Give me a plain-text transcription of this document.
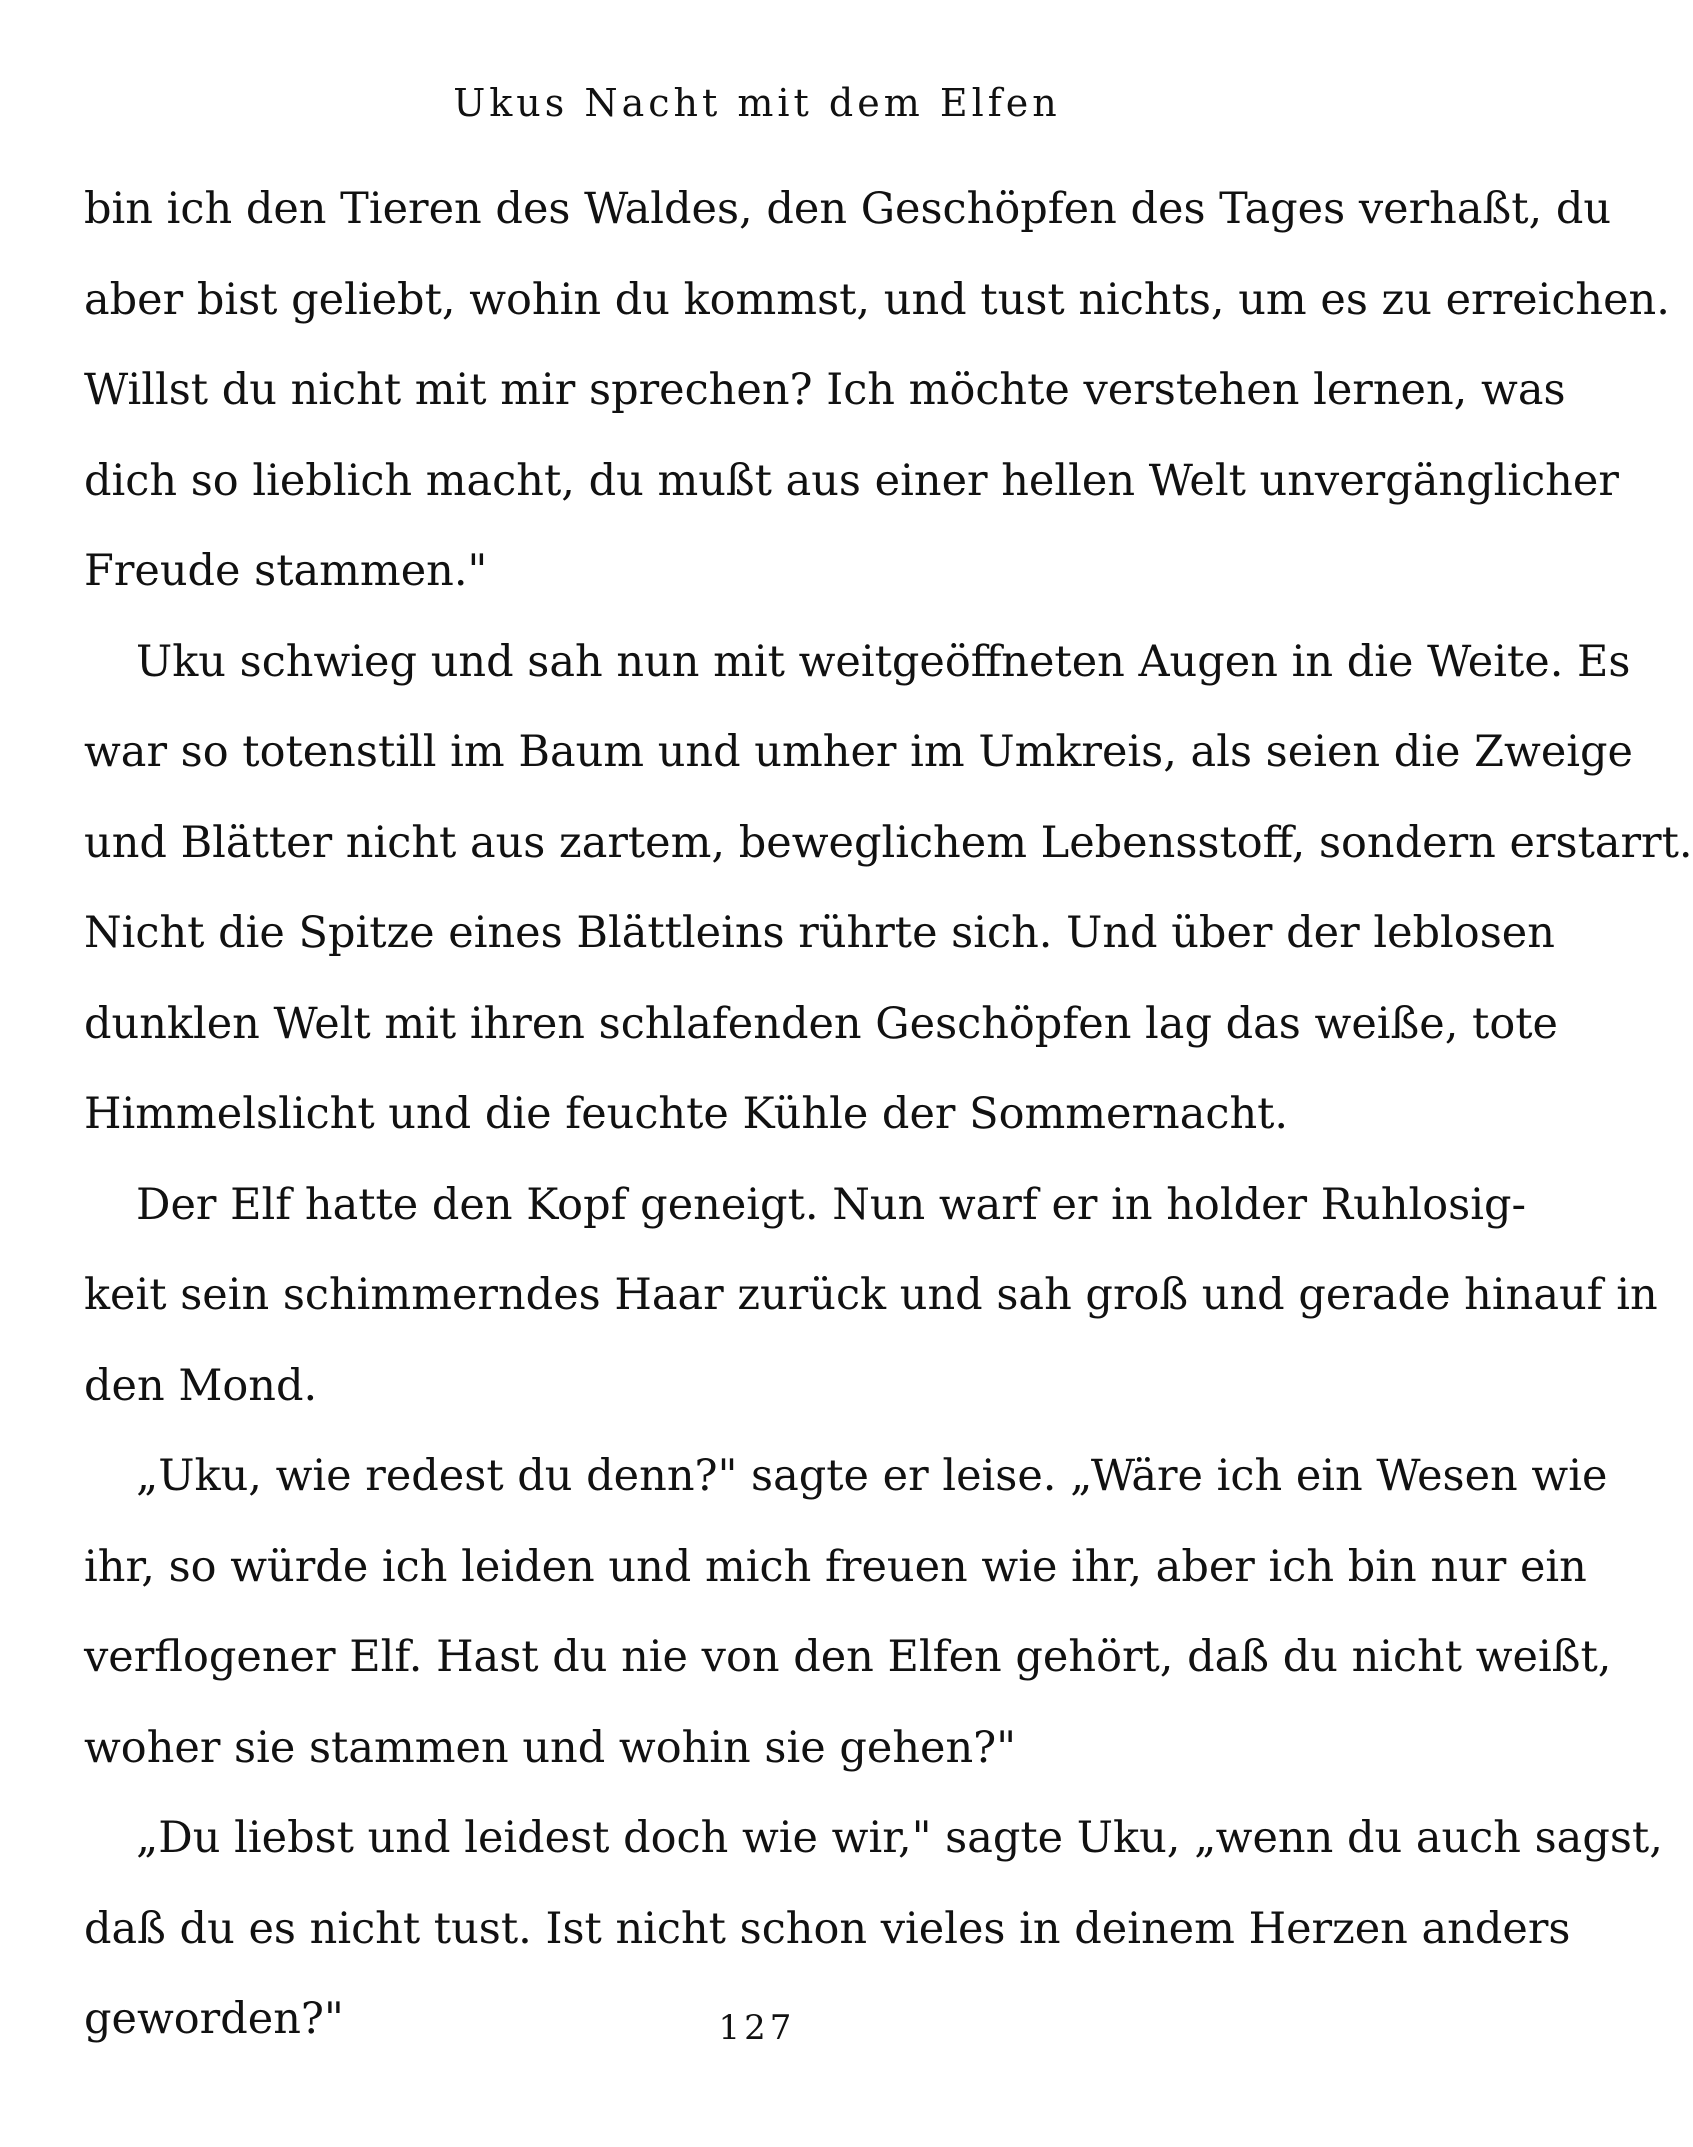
Ukus Nacht mit dem Elfen
bin ich den Tieren des Waldes, den Geschöpfen des Tages verhaßt, du
aber bist geliebt, wohin du kommst, und tust nichts, um es zu erreichen.
Willst du nicht mit mir sprechen? Ich möchte verstehen lernen, was
dich so lieblich macht, du mußt aus einer hellen Welt unvergänglicher
Freude stammen."
Uku schwieg und sah nun mit weitgeöffneten Augen in die Weite. Es
war so totenstill im Baum und umher im Umkreis, als seien die Zweige
und Blätter nicht aus zartem, beweglichem Lebensstoff, sondern erstarrt.
Nicht die Spitze eines Blättleins rührte sich. Und über der leblosen
dunklen Welt mit ihren schlafenden Geschöpfen lag das weiße, tote
Himmelslicht und die feuchte Kühle der Sommernacht.
Der Elf hatte den Kopf geneigt. Nun warf er in holder Ruhlosig-
keit sein schimmerndes Haar zurück und sah groß und gerade hinauf in
den Mond.
„Uku, wie redest du denn?" sagte er leise. „Wäre ich ein Wesen wie
ihr, so würde ich leiden und mich freuen wie ihr, aber ich bin nur ein
verflogener Elf. Hast du nie von den Elfen gehört, daß du nicht weißt,
woher sie stammen und wohin sie gehen?"
„Du liebst und leidest doch wie wir," sagte Uku, „wenn du auch sagst,
daß du es nicht tust. Ist nicht schon vieles in deinem Herzen anders
geworden?"	127
